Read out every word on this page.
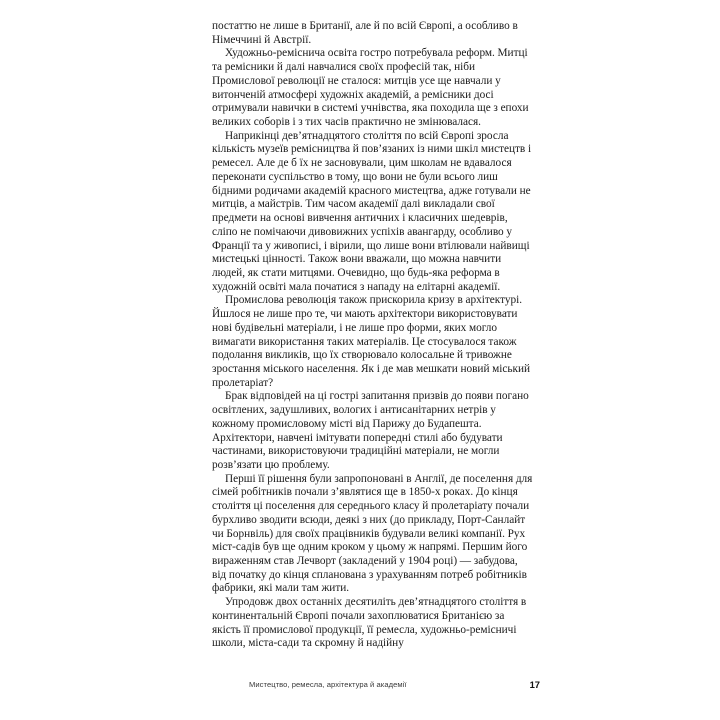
постаттю не лише в Британії, але й по всій Європі, а особливо в Німеччині й Австрії.

Художньо-реміснича освіта гостро потребувала реформ. Митці та ремісники й далі навчалися своїх професій так, ніби Промислової революції не сталося: митців усе ще навчали у витонченій атмосфері художніх академій, а ремісники досі отримували навички в системі учнівства, яка походила ще з епохи великих соборів і з тих часів практично не змінювалася.

Наприкінці дев’ятнадцятого століття по всій Європі зросла кількість музеїв ремісництва й пов’язаних із ними шкіл мистецтв і ремесел. Але де б їх не засновували, цим школам не вдавалося переконати суспільство в тому, що вони не були всього лиш бідними родичами академій красного мистецтва, адже готували не митців, а майстрів. Тим часом академії далі викладали свої предмети на основі вивчення античних і класичних шедеврів, сліпо не помічаючи дивовижних успіхів авангарду, особливо у Франції та у живописі, і вірили, що лише вони втілювали найвищі мистецькі цінності. Також вони вважали, що можна навчити людей, як стати митцями. Очевидно, що будь-яка реформа в художній освіті мала початися з нападу на елітарні академії.

Промислова революція також прискорила кризу в архітектурі. Йшлося не лише про те, чи мають архітектори використовувати нові будівельні матеріали, і не лише про форми, яких могло вимагати використання таких матеріалів. Це стосувалося також подолання викликів, що їх створювало колосальне й тривожне зростання міського населення. Як і де мав мешкати новий міський пролетаріат?

Брак відповідей на ці гострі запитання призвів до появи погано освітлених, задушливих, вологих і антисанітарних нетрів у кожному промисловому місті від Парижу до Будапешта. Архітектори, навчені імітувати попередні стилі або будувати частинами, використовуючи традиційні матеріали, не могли розв’язати цю проблему.

Перші її рішення були запропоновані в Англії, де поселення для сімей робітників почали з’являтися ще в 1850-х роках. До кінця століття ці поселення для середнього класу й пролетаріату почали бурхливо зводити всюди, деякі з них (до прикладу, Порт-Санлайт чи Борнвіль) для своїх працівників будували великі компанії. Рух міст-садів був ще одним кроком у цьому ж напрямі. Першим його вираженням став Лечворт (закладений у 1904 році) — забудова, від початку до кінця спланована з урахуванням потреб робітників фабрики, які мали там жити.

Упродовж двох останніх десятиліть дев’ятнадцятого століття в континентальній Європі почали захоплюватися Британією за якість її промислової продукції, її ремесла, художньо-ремісничі школи, міста-сади та скромну й надійну

Мистецтво, ремесла, архітектура й академії	17
